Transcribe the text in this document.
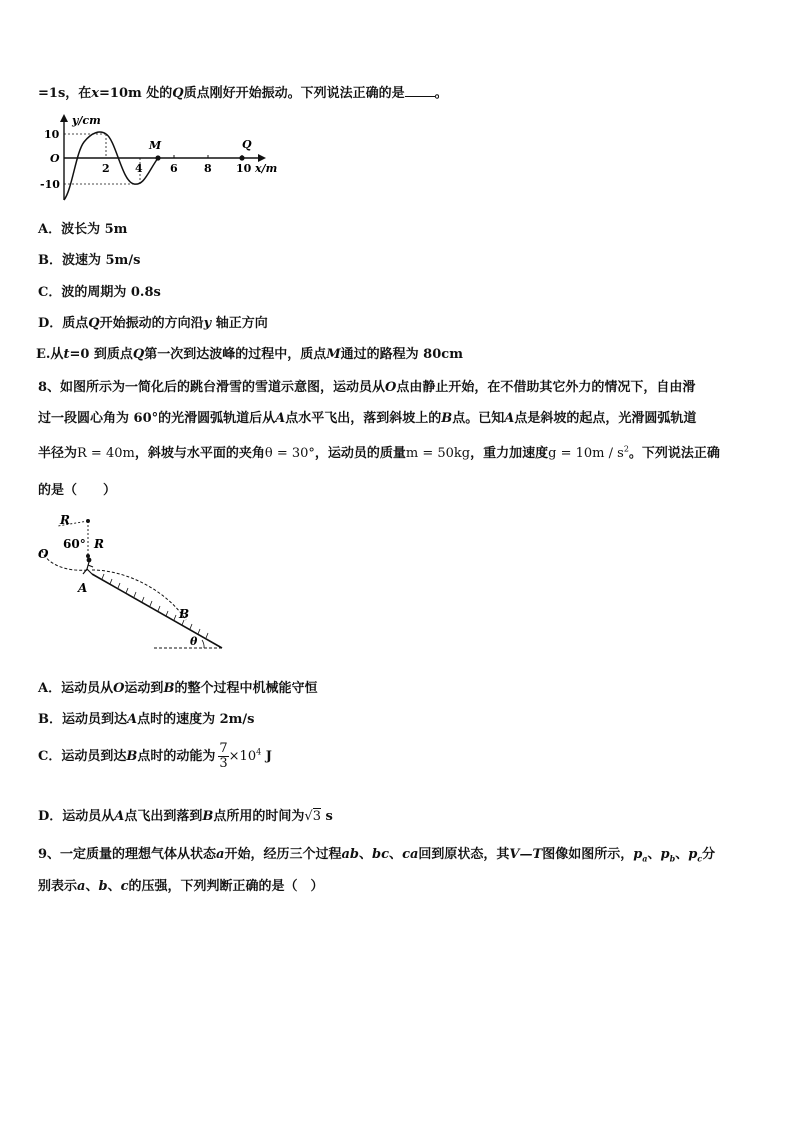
=1s，在x=10m 处的Q质点刚好开始振动。下列说法正确的是 。
y/cm
10
O
-10
2 4 6 8 10 x/m
M	Q
A．波长为 5m
B．波速为 5m/s
C．波的周期为 0.8s
D．质点Q开始振动的方向沿y 轴正方向
E.从t=0 到质点Q第一次到达波峰的过程中，质点M通过的路程为 80cm
8、如图所示为一简化后的跳台滑雪的雪道示意图，运动员从O点由静止开始，在不借助其它外力的情况下，自由滑
过一段圆心角为 60°的光滑圆弧轨道后从A点水平飞出，落到斜坡上的B点。已知A点是斜坡的起点，光滑圆弧轨道
半径为R = 40m，斜坡与水平面的夹角θ = 30°，运动员的质量m = 50kg，重力加速度$g = 10m / s^2$。下列说法正确
的是（　　）
R
60° R
O
A
B
θ
A．运动员从O运动到B的整个过程中机械能守恒
B．运动员到达A点时的速度为 2m/s
C．运动员到达B点时的动能为 $\frac{7}{3} \times 10^4$ J
D．运动员从A点飞出到落到B点所用的时间为√3 s
9、一定质量的理想气体从状态a开始，经历三个过程ab、bc、ca回到原状态，其V—T图像如图所示，$p_a$、$p_b$、$p_c$分
别表示a、b、c的压强，下列判断正确的是（　）
